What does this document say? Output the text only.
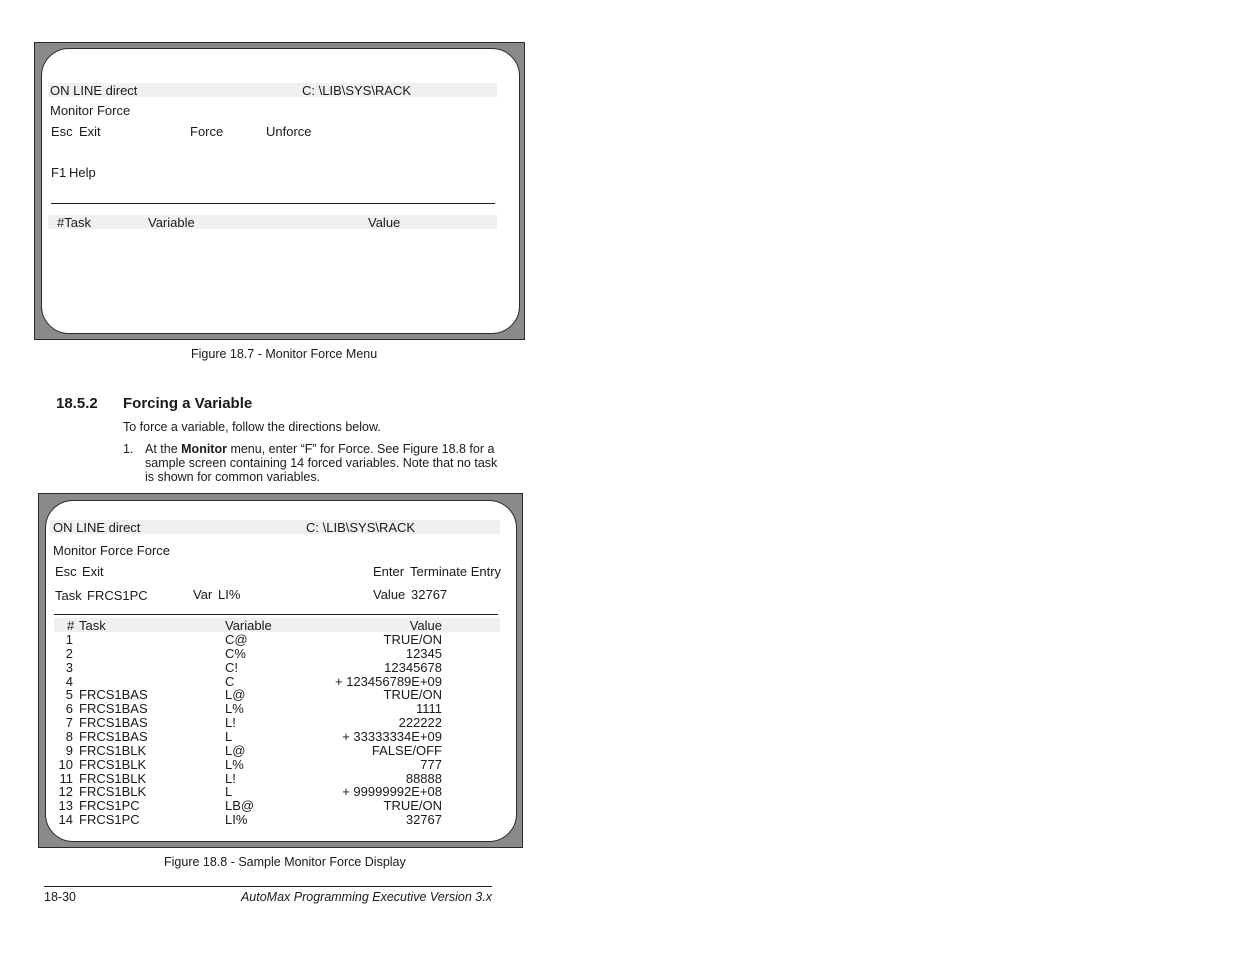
ON LINE direct	C: \LIB\SYS\RACK
Monitor Force
Esc Exit	Force	Unforce
F1 Help
#Task	Variable	Value
Figure 18.7 - Monitor Force Menu
18.5.2 Forcing a Variable
To force a variable, follow the directions below.
1. At the Monitor menu, enter “F” for Force. See Figure 18.8 for a
sample screen containing 14 forced variables. Note that no task
is shown for common variables.
ON LINE direct	C: \LIB\SYS\RACK
Monitor Force Force
Esc Exit	Enter Terminate Entry
Task FRCS1PC	Var LI%	Value 32767
# Task	Variable	Value
1	C@	TRUE/ON
2	C%	12345
3	C!	12345678
4	C	+ 123456789E+09
5 FRCS1BAS	L@	TRUE/ON
6 FRCS1BAS	L%	1111
7 FRCS1BAS	L!	222222
8 FRCS1BAS	L	+ 33333334E+09
9 FRCS1BLK	L@	FALSE/OFF
10 FRCS1BLK	L%	777
11 FRCS1BLK	L!	88888
12 FRCS1BLK	L	+ 99999992E+08
13 FRCS1PC	LB@	TRUE/ON
14 FRCS1PC	LI%	32767
Figure 18.8 - Sample Monitor Force Display
18-30	AutoMax Programming Executive Version 3.x
